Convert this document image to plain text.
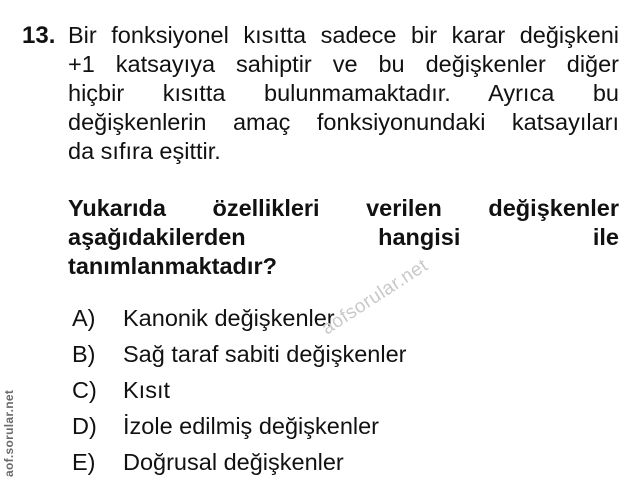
13. Bir fonksiyonel kısıtta sadece bir karar değişkeni
+1 katsayıya sahiptir ve bu değişkenler diğer
hiçbir kısıtta bulunmamaktadır. Ayrıca bu
değişkenlerin amaç fonksiyonundaki katsayıları
da sıfıra eşittir.
Yukarıda özellikleri verilen değişkenler
aşağıdakilerden hangisi ile
tanımlanmaktadır?
A)	Kanonik değişkenler
B)	Sağ taraf sabiti değişkenler
C)	Kısıt
D)	İzole edilmiş değişkenler
E)	Doğrusal değişkenler
aofsorular.net
aof.sorular.net
